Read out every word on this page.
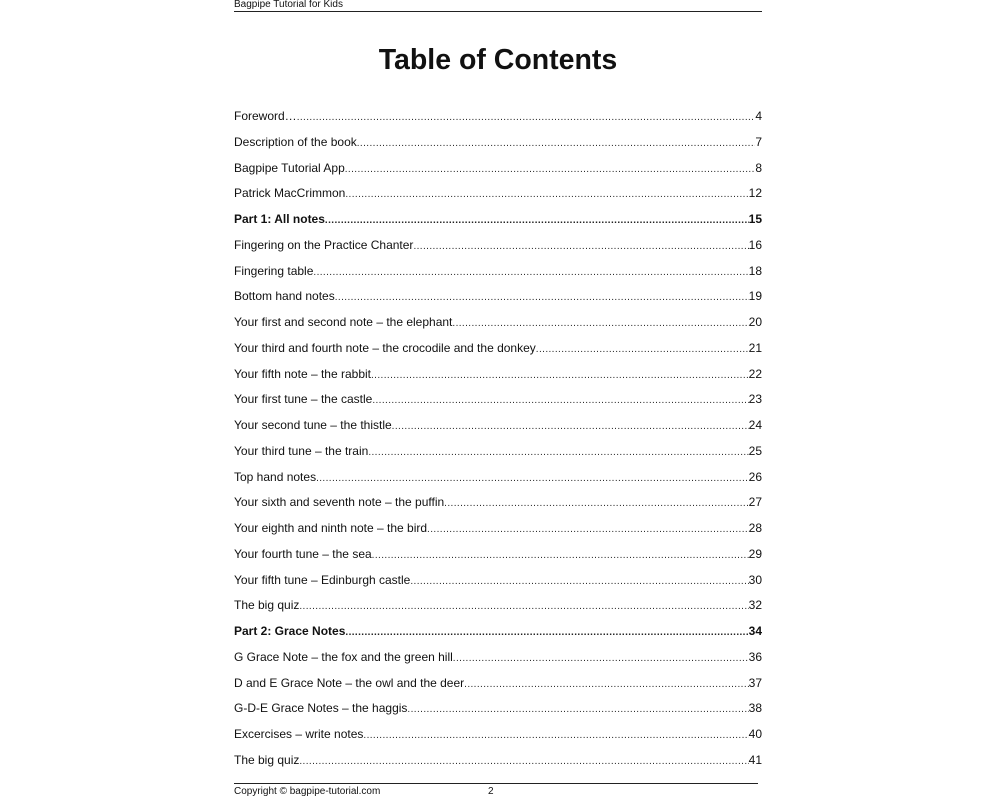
Bagpipe Tutorial for Kids
Table of Contents
Foreword… .....	4
Description of the book .....	7
Bagpipe Tutorial App .....	8
Patrick MacCrimmon .....	12
Part 1: All notes .....	15
Fingering on the Practice Chanter .....	16
Fingering table .....	18
Bottom hand notes .....	19
Your first and second note – the elephant .....	20
Your third and fourth note – the crocodile and the donkey .....	21
Your fifth note – the rabbit .....	22
Your first tune – the castle .....	23
Your second tune – the thistle .....	24
Your third tune – the train .....	25
Top hand notes .....	26
Your sixth and seventh note – the puffin .....	27
Your eighth and ninth note – the bird .....	28
Your fourth tune – the sea .....	29
Your fifth tune – Edinburgh castle .....	30
The big quiz .....	32
Part 2: Grace Notes .....	34
G Grace Note – the fox and the green hill .....	36
D and E Grace Note – the owl and the deer .....	37
G-D-E Grace Notes – the haggis .....	38
Excercises – write notes .....	40
The big quiz .....	41
Copyright © bagpipe-tutorial.com	2
